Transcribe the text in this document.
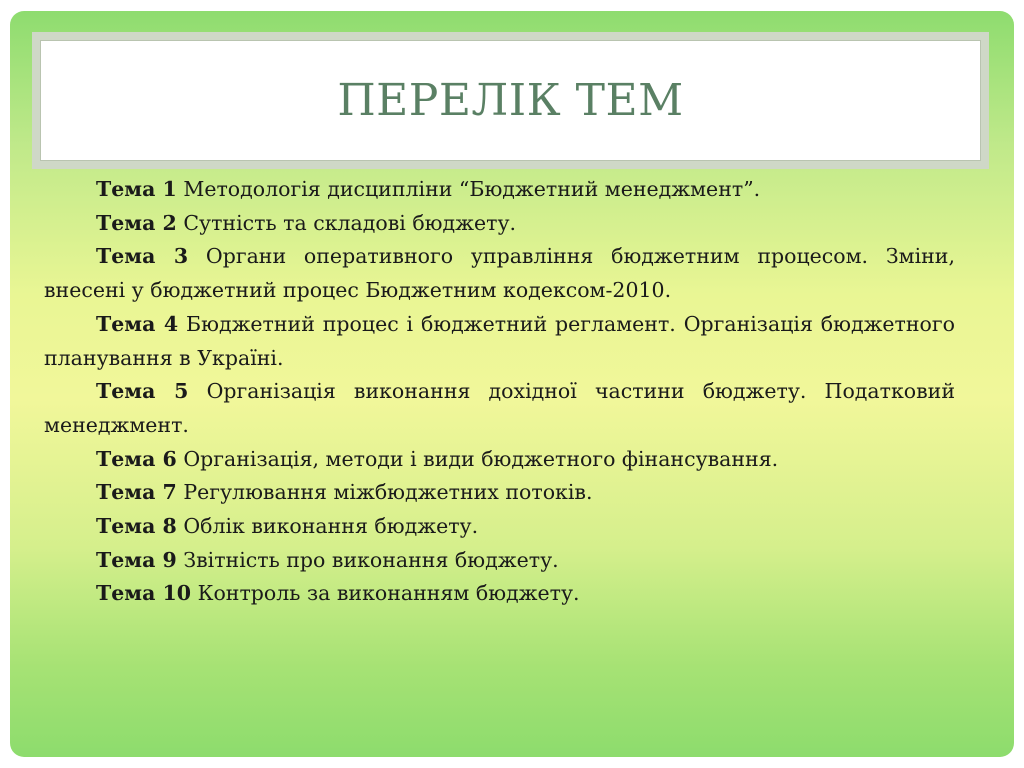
ПЕРЕЛІК ТЕМ

Тема 1 Методологія дисципліни “Бюджетний менеджмент”.

Тема 2 Сутність та складові бюджету.

Тема 3 Органи оперативного управління бюджетним процесом. Зміни, внесені у бюджетний процес Бюджетним кодексом-2010.

Тема 4 Бюджетний процес і бюджетний регламент. Організація бюджетного планування в Україні.

Тема 5 Організація виконання дохідної частини бюджету. Податковий менеджмент.

Тема 6 Організація, методи і види бюджетного фінансування.

Тема 7 Регулювання міжбюджетних потоків.

Тема 8 Облік виконання бюджету.

Тема 9 Звітність про виконання бюджету.

Тема 10 Контроль за виконанням бюджету.
